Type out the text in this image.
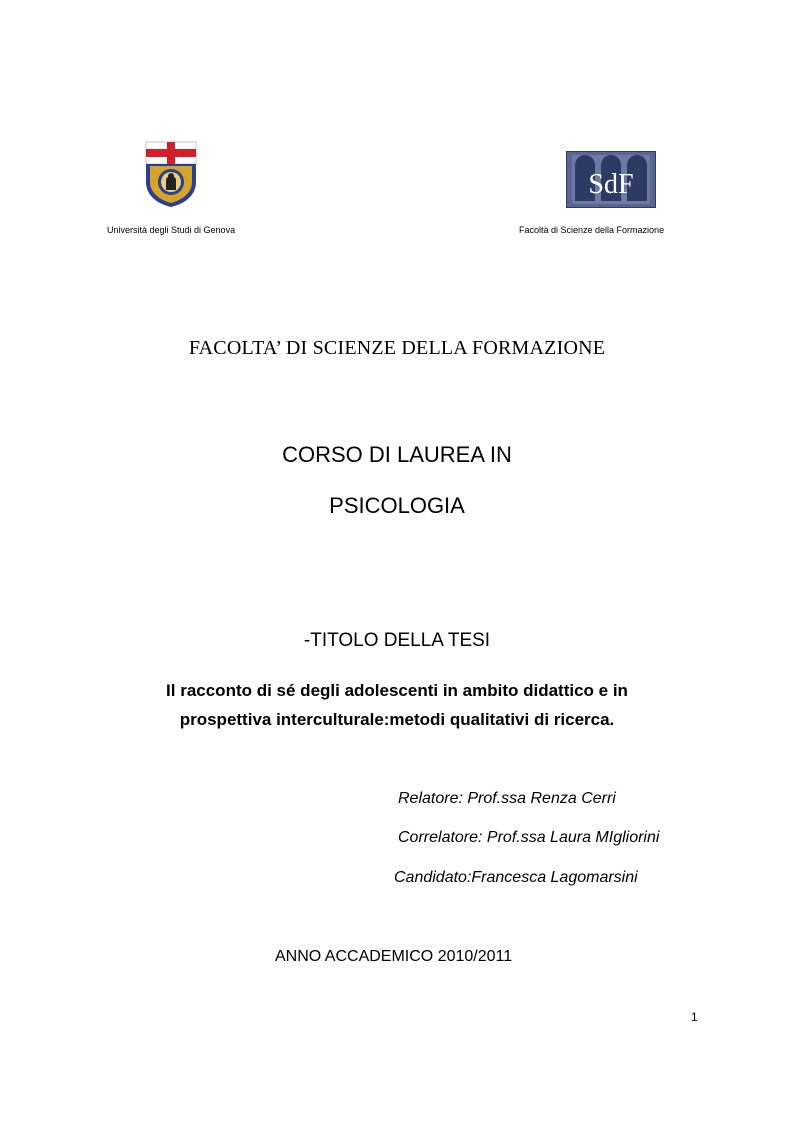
SdF
Università degli Studi di Genova	Facoltà di Scienze della Formazione
FACOLTA’ DI SCIENZE DELLA FORMAZIONE
CORSO DI LAUREA IN
PSICOLOGIA
-TITOLO DELLA TESI
Il racconto di sé degli adolescenti in ambito didattico e in
prospettiva interculturale:metodi qualitativi di ricerca.
Relatore: Prof.ssa Renza Cerri
Correlatore: Prof.ssa Laura MIgliorini
Candidato:Francesca Lagomarsini
ANNO ACCADEMICO 2010/2011
1
